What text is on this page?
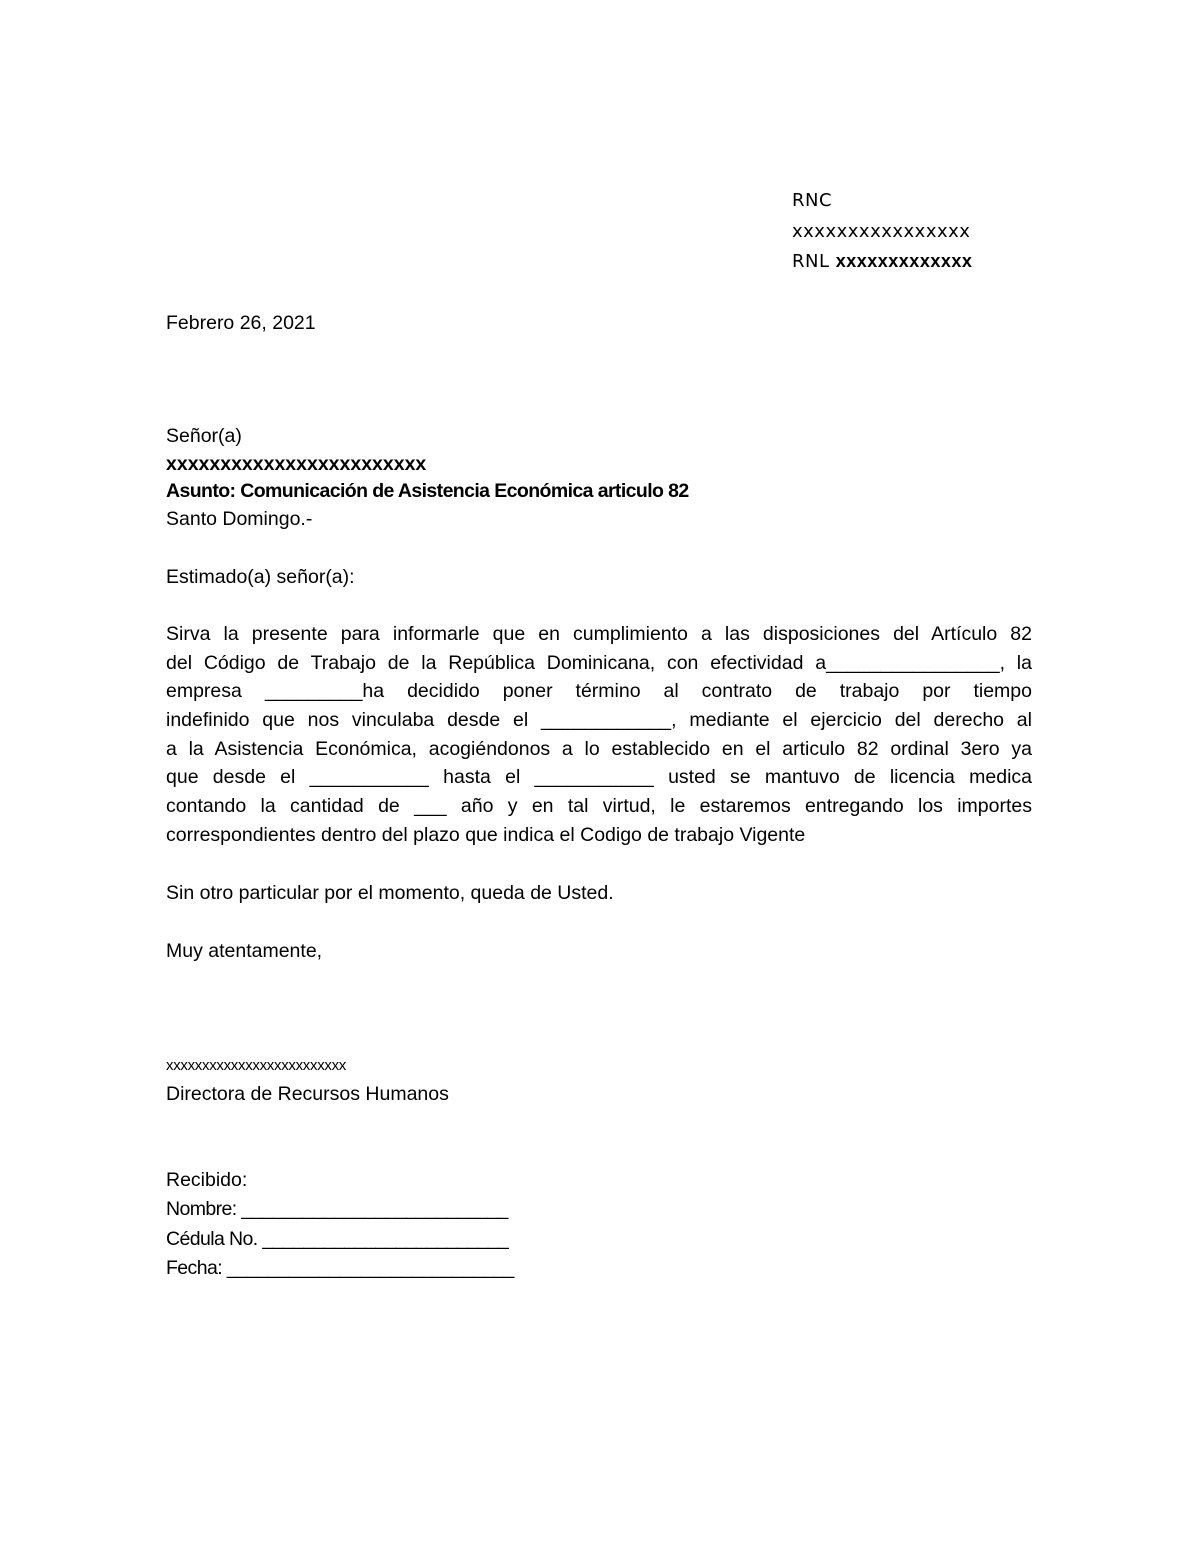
RNC
xxxxxxxxxxxxxxxx
RNL xxxxxxxxxxxxx
Febrero 26, 2021
Señor(a)
xxxxxxxxxxxxxxxxxxxxxxxx
Asunto: Comunicación de Asistencia Económica articulo 82
Santo Domingo.-
Estimado(a) señor(a):
Sirva la presente para informarle que en cumplimiento a las disposiciones del Artículo 82
del Código de Trabajo de la República Dominicana, con efectividad a________________, la
empresa _________ha decidido poner término al contrato de trabajo por tiempo
indefinido que nos vinculaba desde el ____________, mediante el ejercicio del derecho al
a la Asistencia Económica, acogiéndonos a lo establecido en el articulo 82 ordinal 3ero ya
que desde el ___________ hasta el ___________ usted se mantuvo de licencia medica
contando la cantidad de ___ año y en tal virtud, le estaremos entregando los importes
correspondientes dentro del plazo que indica el Codigo de trabajo Vigente
Sin otro particular por el momento, queda de Usted.
Muy atentamente,
xxxxxxxxxxxxxxxxxxxxxxxxx
Directora de Recursos Humanos
Recibido:
Nombre: __________________________
Cédula No. ________________________
Fecha: ____________________________
